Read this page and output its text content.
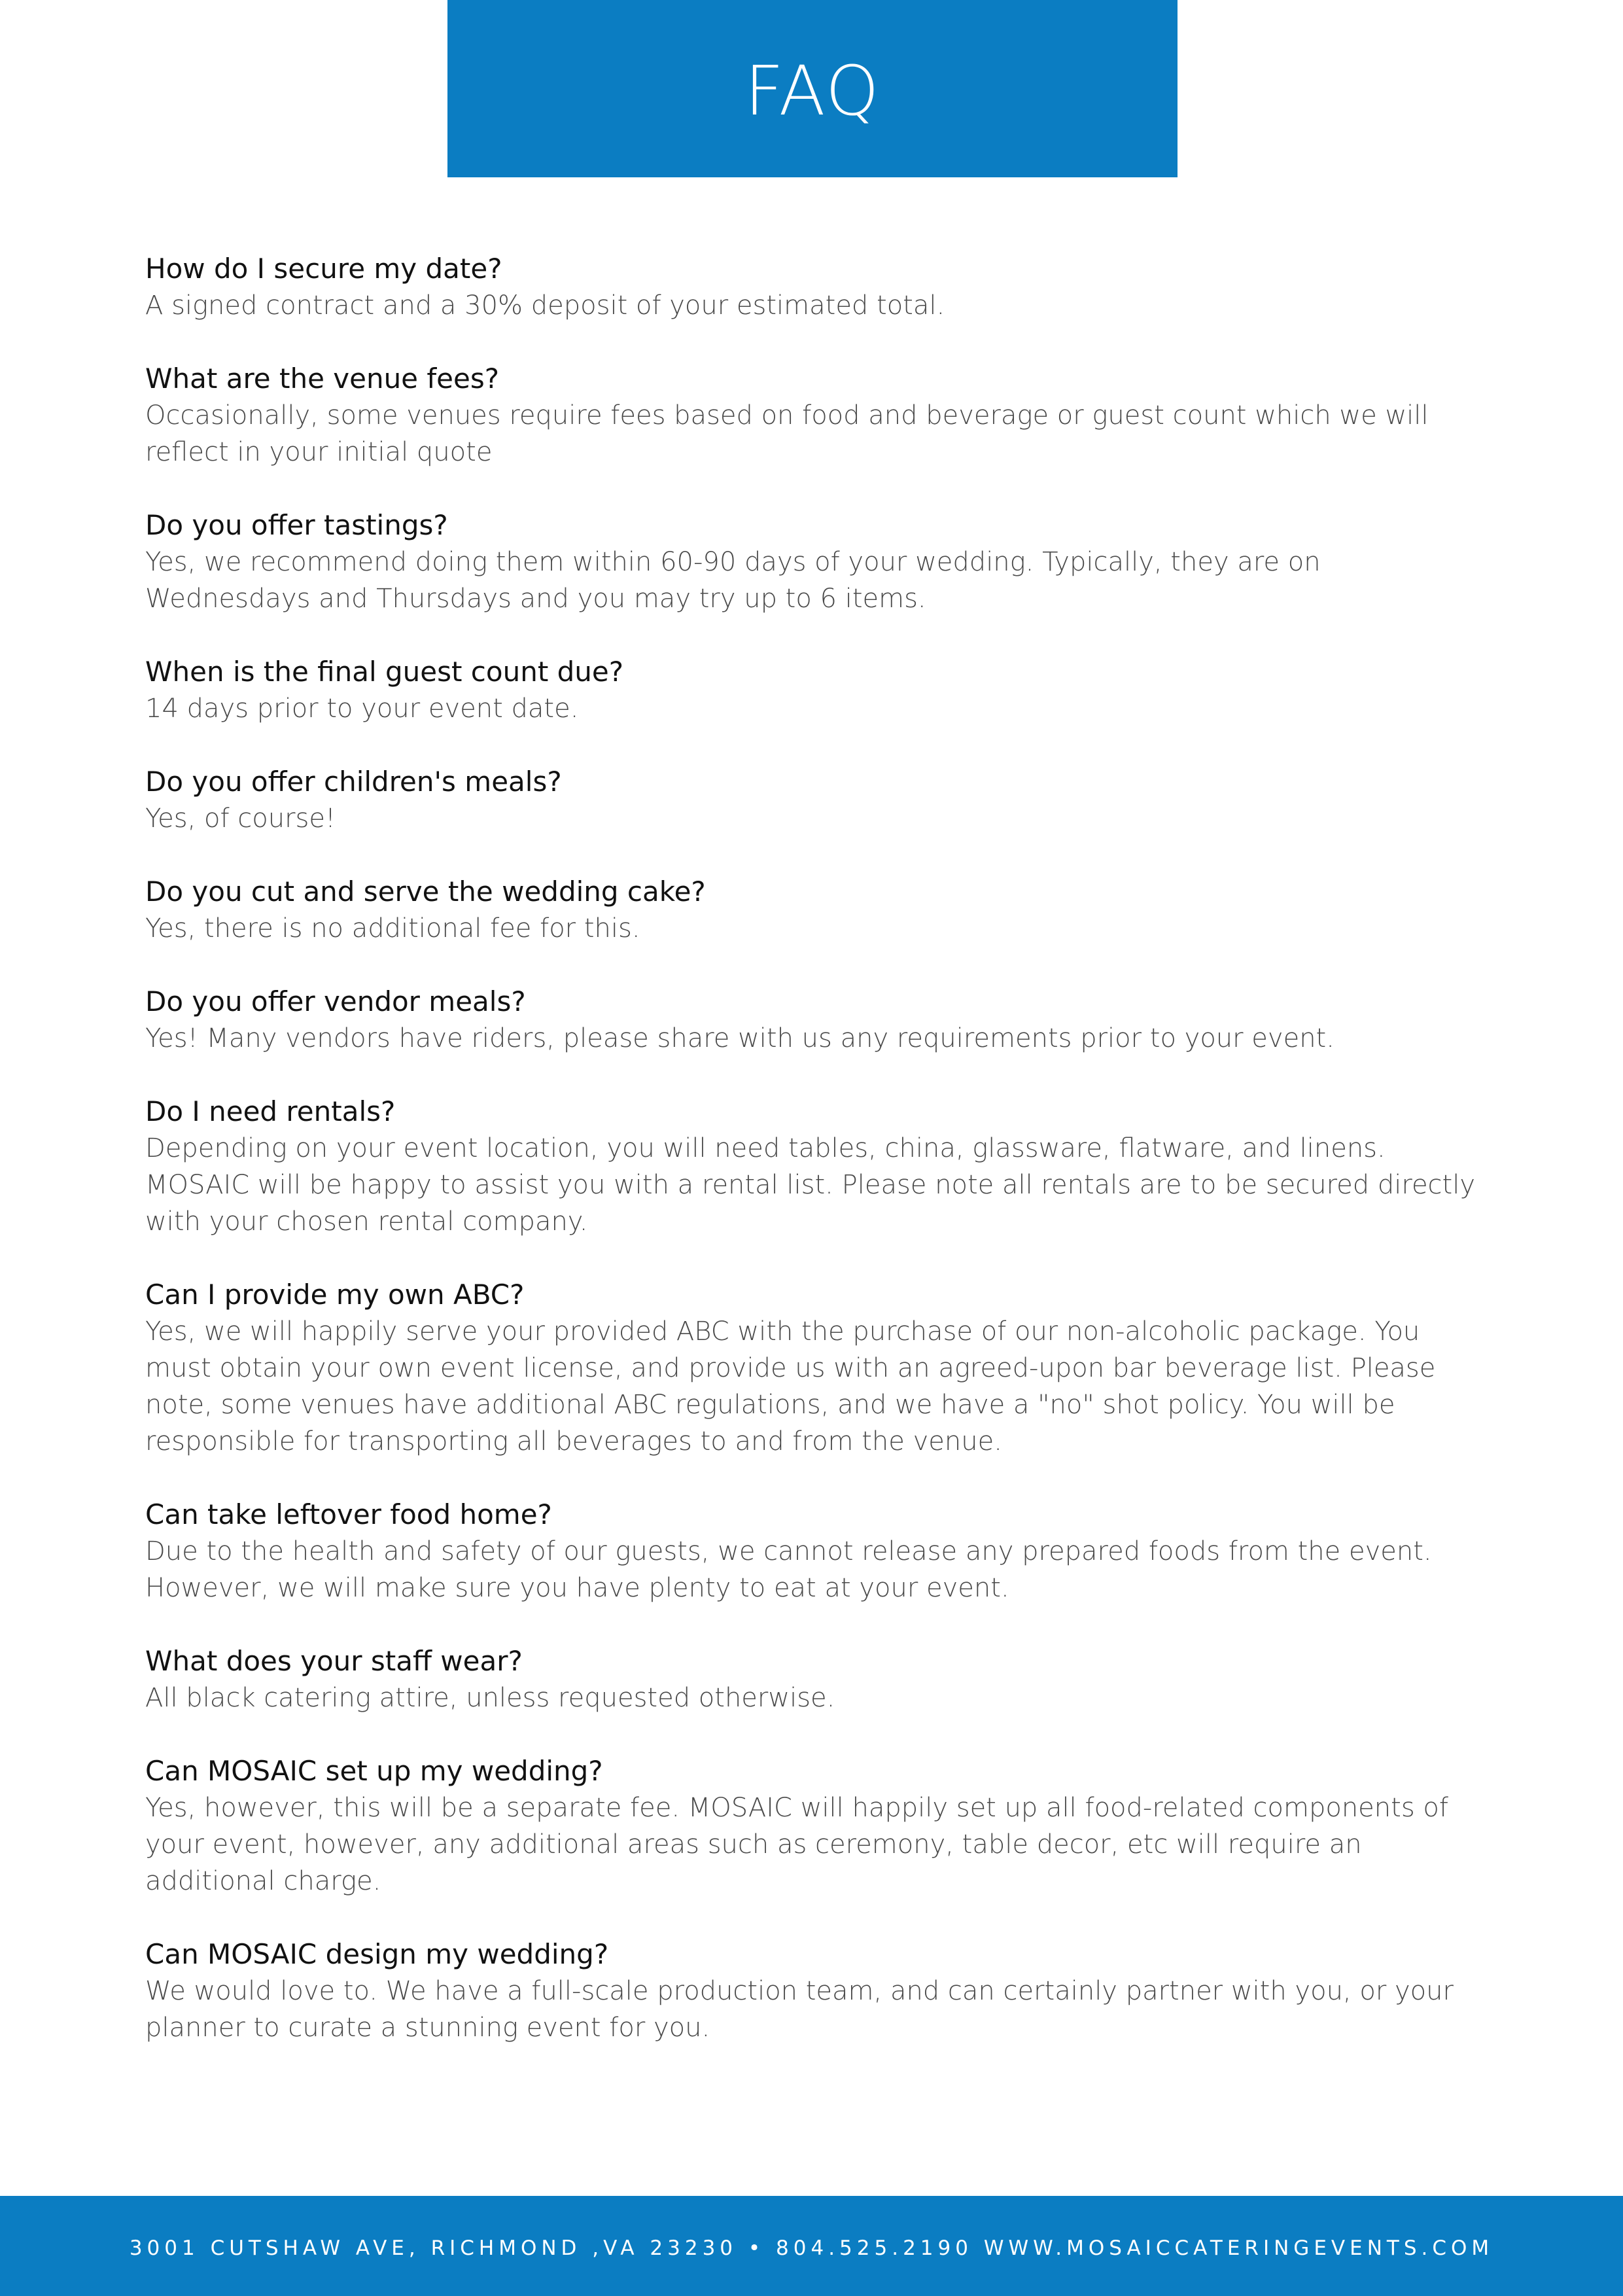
FAQ

How do I secure my date?

A signed contract and a 30% deposit of your estimated total.

What are the venue fees?

Occasionally, some venues require fees based on food and beverage or guest count which we will reflect in your initial quote

Do you offer tastings?

Yes, we recommend doing them within 60-90 days of your wedding. Typically, they are on Wednesdays and Thursdays and you may try up to 6 items.

When is the final guest count due?

14 days prior to your event date.

Do you offer children's meals?

Yes, of course!

Do you cut and serve the wedding cake?

Yes, there is no additional fee for this.

Do you offer vendor meals?

Yes! Many vendors have riders, please share with us any requirements prior to your event.

Do I need rentals?

Depending on your event location, you will need tables, china, glassware, flatware, and linens. MOSAIC will be happy to assist you with a rental list. Please note all rentals are to be secured directly with your chosen rental company.

Can I provide my own ABC?

Yes, we will happily serve your provided ABC with the purchase of our non-alcoholic package. You must obtain your own event license, and provide us with an agreed-upon bar beverage list. Please note, some venues have additional ABC regulations, and we have a "no" shot policy. You will be responsible for transporting all beverages to and from the venue.

Can take leftover food home?

Due to the health and safety of our guests, we cannot release any prepared foods from the event. However, we will make sure you have plenty to eat at your event.

What does your staff wear?

All black catering attire, unless requested otherwise.

Can MOSAIC set up my wedding?

Yes, however, this will be a separate fee. MOSAIC will happily set up all food-related components of your event, however, any additional areas such as ceremony, table decor, etc will require an additional charge.

Can MOSAIC design my wedding?

We would love to. We have a full-scale production team, and can certainly partner with you, or your planner to curate a stunning event for you.

3001 CUTSHAW AVE, RICHMOND ,VA 23230 • 804.525.2190 WWW.MOSAICCATERINGEVENTS.COM
